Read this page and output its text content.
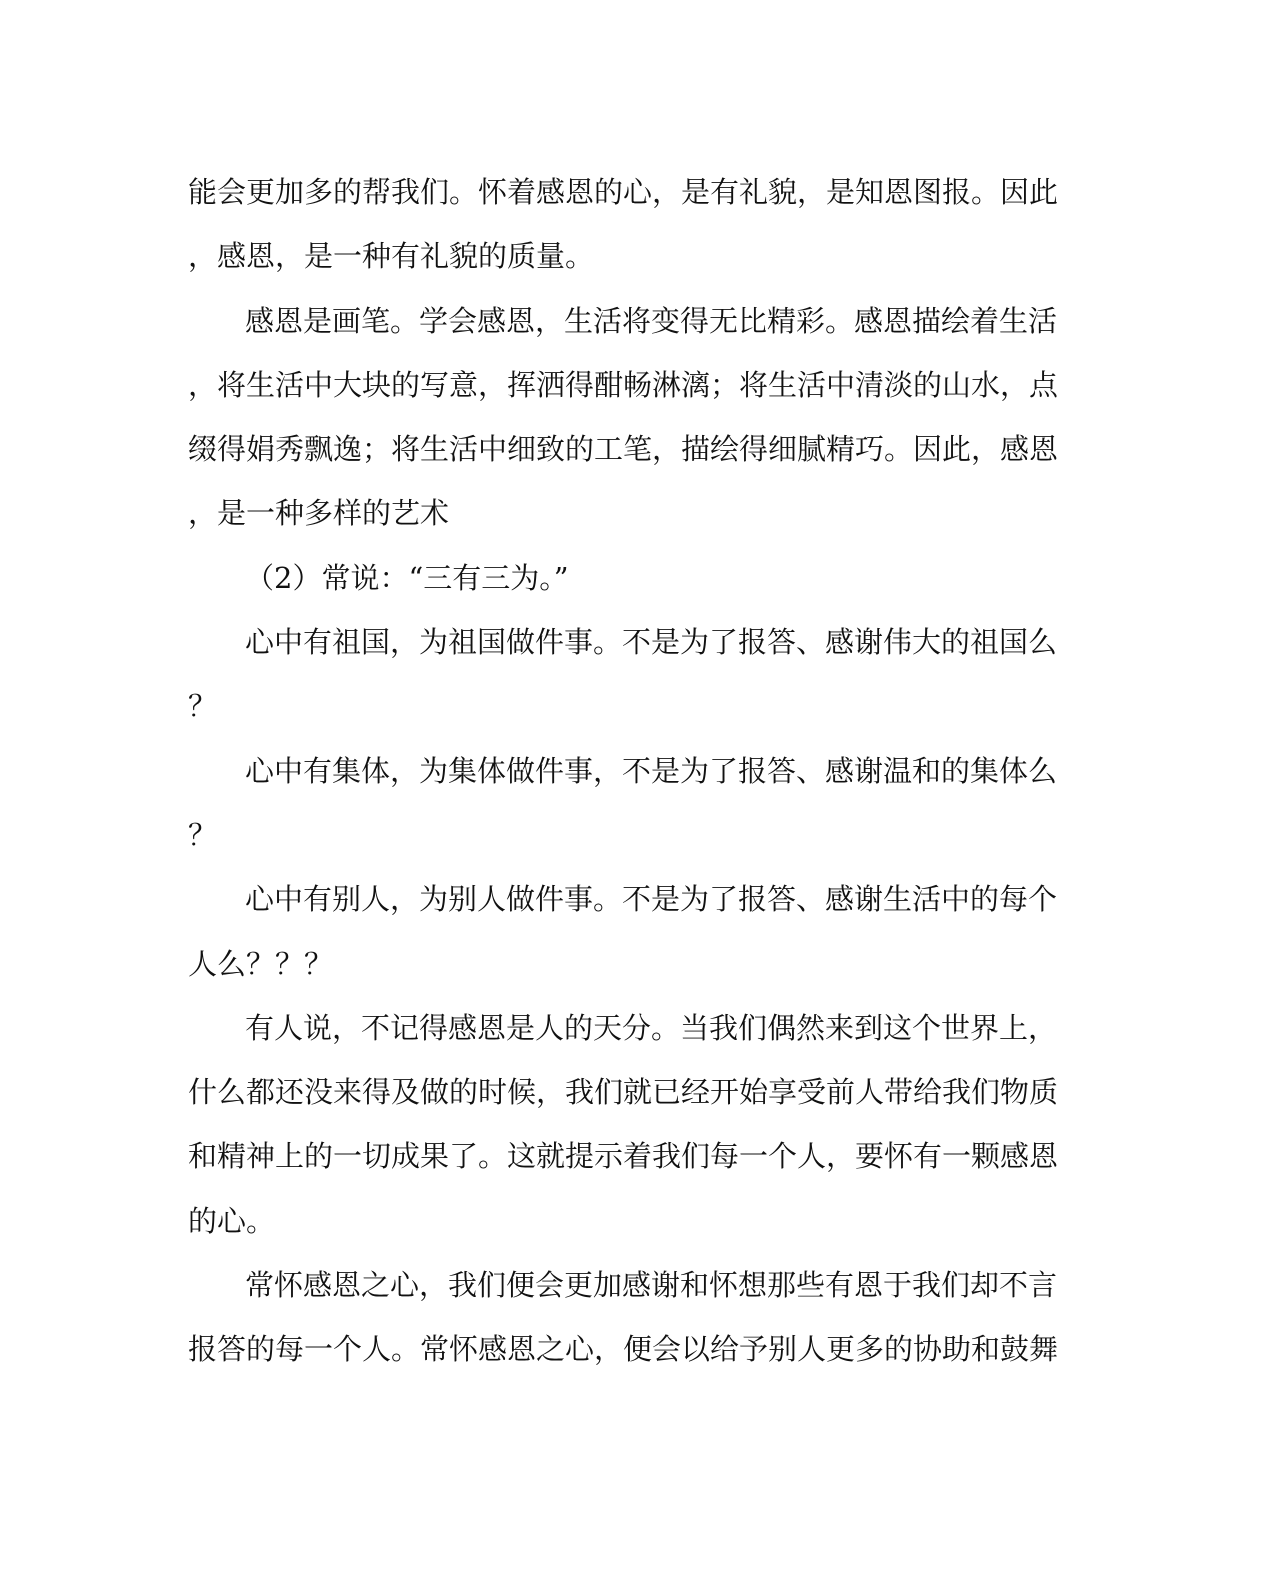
能会更加多的帮我们。怀着感恩的心，是有礼貌，是知恩图报。因此
，感恩，是一种有礼貌的质量。
感恩是画笔。学会感恩，生活将变得无比精彩。感恩描绘着生活
，将生活中大块的写意，挥洒得酣畅淋漓；将生活中清淡的山水，点
缀得娟秀飘逸；将生活中细致的工笔，描绘得细腻精巧。因此，感恩
，是一种多样的艺术
（2）常说：“三有三为。”
心中有祖国，为祖国做件事。不是为了报答、感谢伟大的祖国么
？
心中有集体，为集体做件事，不是为了报答、感谢温和的集体么
？
心中有别人，为别人做件事。不是为了报答、感谢生活中的每个
人么？？？
有人说，不记得感恩是人的天分。当我们偶然来到这个世界上，
什么都还没来得及做的时候，我们就已经开始享受前人带给我们物质
和精神上的一切成果了。这就提示着我们每一个人，要怀有一颗感恩
的心。
常怀感恩之心，我们便会更加感谢和怀想那些有恩于我们却不言
报答的每一个人。常怀感恩之心，便会以给予别人更多的协助和鼓舞
